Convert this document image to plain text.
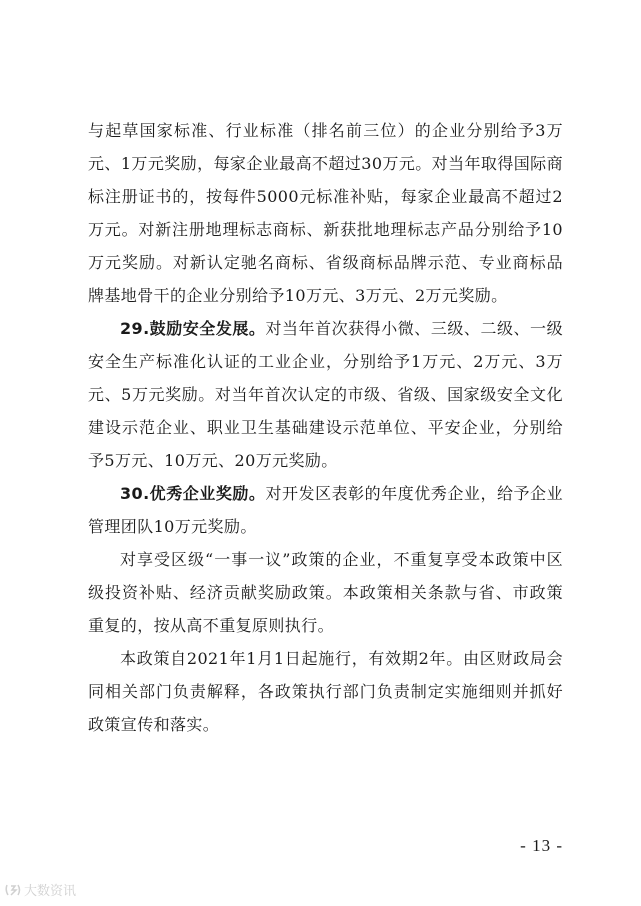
与起草国家标准、行业标准（排名前三位）的企业分别给予3万元、1万元奖励，每家企业最高不超过30万元。对当年取得国际商标注册证书的，按每件5000元标准补贴，每家企业最高不超过2万元。对新注册地理标志商标、新获批地理标志产品分别给予10万元奖励。对新认定驰名商标、省级商标品牌示范、专业商标品牌基地骨干的企业分别给予10万元、3万元、2万元奖励。

29.鼓励安全发展。对当年首次获得小微、三级、二级、一级安全生产标准化认证的工业企业，分别给予1万元、2万元、3万元、5万元奖励。对当年首次认定的市级、省级、国家级安全文化建设示范企业、职业卫生基础建设示范单位、平安企业，分别给予5万元、10万元、20万元奖励。

30.优秀企业奖励。对开发区表彰的年度优秀企业，给予企业管理团队10万元奖励。

对享受区级“一事一议”政策的企业，不重复享受本政策中区级投资补贴、经济贡献奖励政策。本政策相关条款与省、市政策重复的，按从高不重复原则执行。

本政策自2021年1月1日起施行，有效期2年。由区财政局会同相关部门负责解释，各政策执行部门负责制定实施细则并抓好政策宣传和落实。

- 13 -
大数资讯
